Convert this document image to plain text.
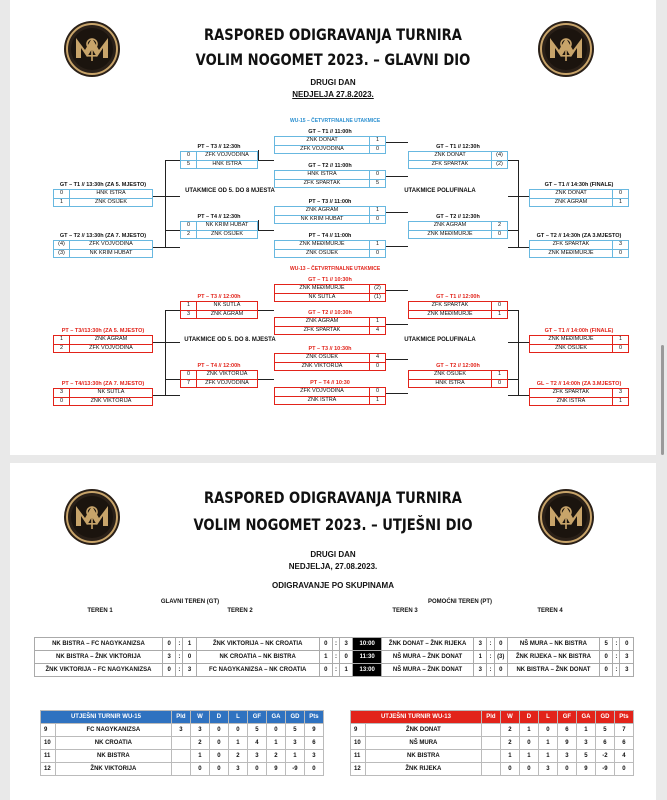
RASPORED ODIGRAVANJA TURNIRA
VOLIM NOGOMET 2023. – GLAVNI DIO
DRUGI DAN
NEDJELJA 27.8.2023.
WU-15 – ČETVRTFINALNE UTAKMICE
WU-13 – ČETVRTFINALNE UTAKMICE
UTAKMICE OD 5. DO 8 MJESTA	UTAKMICE POLUFINALA
UTAKMICE OD 5. DO 8. MJESTA	UTAKMICE POLUFINALA
GT – T1 // 11:00h
ŽNK DONAT	1
ŽFK VOJVODINA	0
GT – T2 // 11:00h
HNK ISTRA	0
ŽFK SPARTAK	5
PT – T3 // 11:00h
ŽNK AGRAM	1
NK KRIM HUBAT	0
PT – T4 // 11:00h
ŽNK MEĐIMURJE	1
ŽNK OSIJEK	0
PT – T3 // 12:30h
0	ŽFK VOJVODINA
5	HNK ISTRA
PT – T4 // 12:30h
0	NK KRIM HUBAT
2	ŽNK OSIJEK
GT – T1 // 12:30h
ŽNK DONAT	(4)
ŽFK SPARTAK	(2)
GT – T2 // 12:30h
ŽNK AGRAM	2
ŽNK MEĐIMURJE	0
GT – T1 // 13:30h (ZA 5. MJESTO)
0	HNK ISTRA
1	ŽNK OSIJEK
GT – T2 // 13:30h (ZA 7. MJESTO)
(4)	ŽFK VOJVODINA
(3)	NK KRIM HUBAT
GT – T1 // 14:30h (FINALE)
ŽNK DONAT	0
ŽNK AGRAM	1
GT – T2 // 14:30h (ZA 3.MJESTO)
ŽFK SPARTAK	3
ŽNK MEĐIMURJE	0
GT – T1 // 10:30h
ŽNK MEĐIMURJE	(2)
NK SUTLA	(1)
GT – T2 // 10:30h
ŽNK AGRAM	1
ŽFK SPARTAK	4
PT – T3 // 10:30h
ŽNK OSIJEK	4
ŽNK VIKTORIJA	0
PT – T4 // 10:30
ŽFK VOJVODINA	0
ŽNK ISTRA	1
PT – T3 // 12:00h
1	NK SUTLA
3	ŽNK AGRAM
PT – T4 // 12:00h
0	ŽNK VIKTORIJA
7	ŽFK VOJVODINA
GT – T1 // 12:00h
ŽFK SPARTAK	0
ŽNK MEĐIMURJE	1
GT – T2 // 12:00h
ŽNK OSIJEK	1
HNK ISTRA	0
PT – T3//13:30h (ZA 5. MJESTO)
1	ŽNK AGRAM
2	ŽFK VOJVODINA
PT – T4//13:30h (ZA 7. MJESTO)
3	NK SUTLA
0	ŽNK VIKTORIJA
GT – T1 // 14:00h (FINALE)
ŽNK MEĐIMURJE	1
ŽNK OSIJEK	0
GL – T2 // 14:00h (ZA 3.MJESTO)
ŽFK SPARTAK	3
ŽNK ISTRA	1
RASPORED ODIGRAVANJA TURNIRA
VOLIM NOGOMET 2023. – UTJEŠNI DIO
DRUGI DAN
NEDJELJA, 27.08.2023.
ODIGRAVANJE PO SKUPINAMA
GLAVNI TEREN (GT)	POMOĆNI TEREN (PT)
TEREN 1	TEREN 2	TEREN 3	TEREN 4
NK BISTRA – FC NAGYKANIZSA	0	:	1	ŽNK VIKTORIJA – NK CROATIA	0	:	3	10:00	ŽNK DONAT – ŽNK RIJEKA	3	:	0	NŠ MURA – NK BISTRA	5	:	0
NK BISTRA – ŽNK VIKTORIJA	3	:	0	NK CROATIA – NK BISTRA	1	:	0	11:30	NŠ MURA – ŽNK DONAT	1	:	(3)	ŽNK RIJEKA – NK BISTRA	0	:	3
ŽNK VIKTORIJA – FC NAGYKANIZSA	0	:	3	FC NAGYKANIZSA – NK CROATIA	0	:	1	13:00	NŠ MURA – ŽNK DONAT	3	:	0	NK BISTRA – ŽNK DONAT	0	:	3
UTJEŠNI TURNIR WU-15		Pld	W	D	L	GF	GA	GD	Pts
9	FC NAGYKANIZSA	3	3	0	0	5	0	5	9
10	NK CROATIA		2	0	1	4	1	3	6
11	NK BISTRA		1	0	2	3	2	1	3
12	ŽNK VIKTORIJA		0	0	3	0	9	-9	0
UTJEŠNI TURNIR WU-13		Pld	W	D	L	GF	GA	GD	Pts
9	ŽNK DONAT		2	1	0	6	1	5	7
10	NŠ MURA		2	0	1	9	3	6	6
11	NK BISTRA		1	1	1	3	5	-2	4
12	ŽNK RIJEKA		0	0	3	0	9	-9	0
